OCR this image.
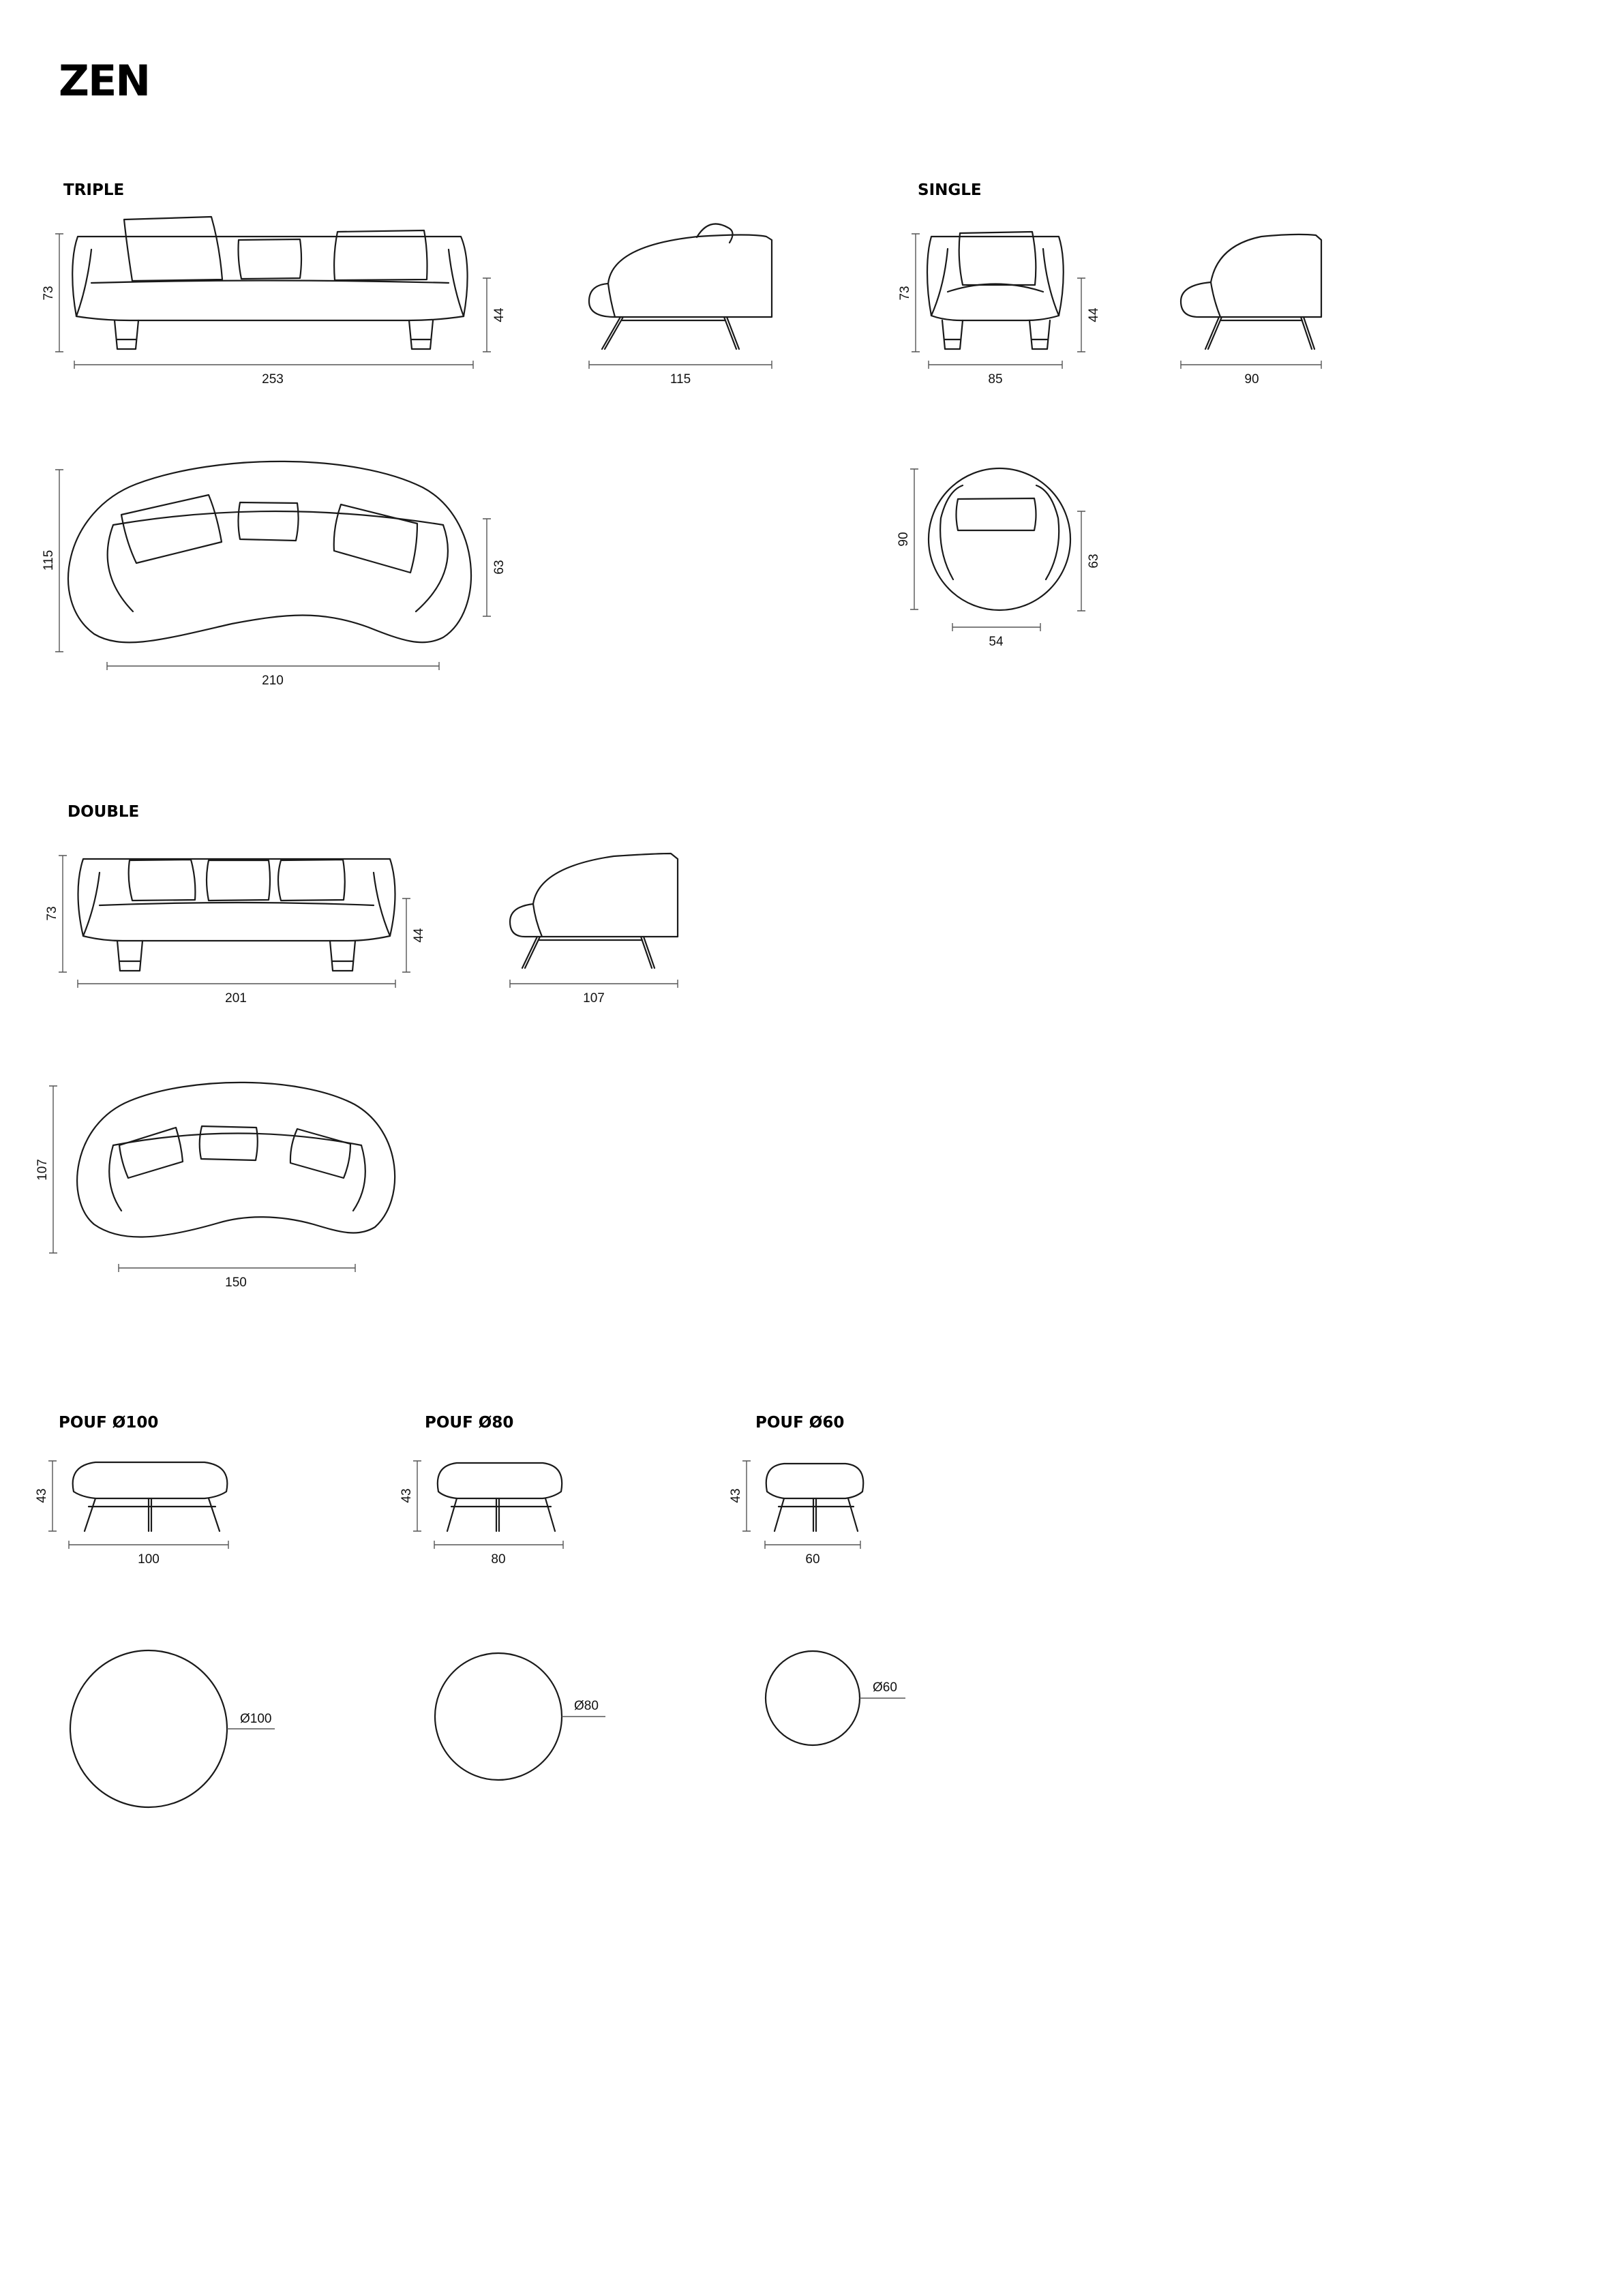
ZEN
TRIPLE	SINGLE
DOUBLE
POUF Ø100	POUF Ø80	POUF Ø60
73
44
253	115
73
44
85	90
115	63
210
90
63
54
73
44
201	107
107
150
43
100
Ø100
43
80
Ø80
43
60
Ø60
